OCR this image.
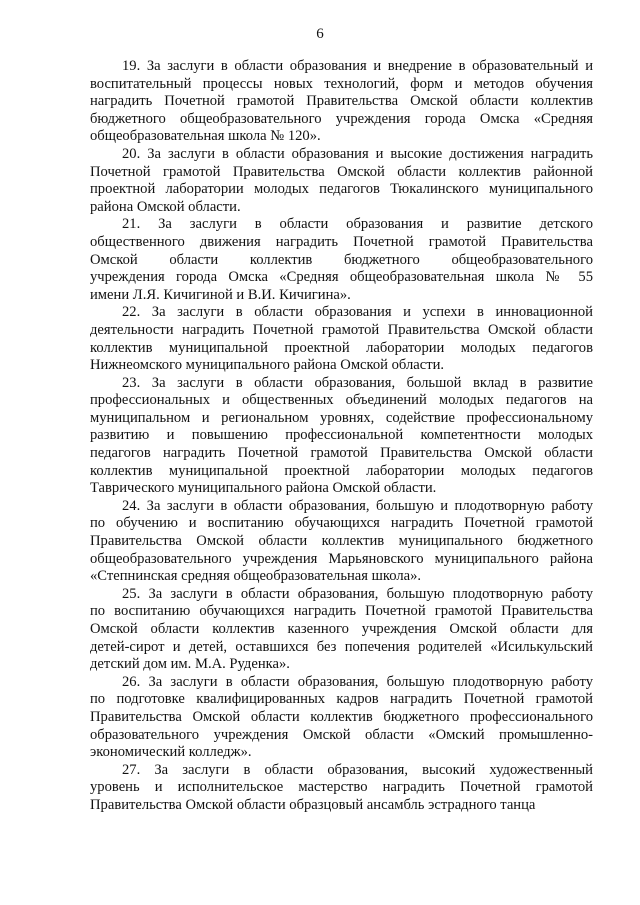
6
19. За заслуги в области образования и внедрение в образовательный и
воспитательный процессы новых технологий, форм и методов обучения
наградить Почетной грамотой Правительства Омской области коллектив
бюджетного общеобразовательного учреждения города Омска «Средняя
общеобразовательная школа № 120».
20. За заслуги в области образования и высокие достижения наградить
Почетной грамотой Правительства Омской области коллектив районной
проектной лаборатории молодых педагогов Тюкалинского муниципального
района Омской области.
21. За заслуги в области образования и развитие детского
общественного движения наградить Почетной грамотой Правительства
Омской области коллектив бюджетного общеобразовательного
учреждения города Омска «Средняя общеобразовательная школа № 55
имени Л.Я. Кичигиной и В.И. Кичигина».
22. За заслуги в области образования и успехи в инновационной
деятельности наградить Почетной грамотой Правительства Омской области
коллектив муниципальной проектной лаборатории молодых педагогов
Нижнеомского муниципального района Омской области.
23. За заслуги в области образования, большой вклад в развитие
профессиональных и общественных объединений молодых педагогов на
муниципальном и региональном уровнях, содействие профессиональному
развитию и повышению профессиональной компетентности молодых
педагогов наградить Почетной грамотой Правительства Омской области
коллектив муниципальной проектной лаборатории молодых педагогов
Таврического муниципального района Омской области.
24. За заслуги в области образования, большую и плодотворную работу
по обучению и воспитанию обучающихся наградить Почетной грамотой
Правительства Омской области коллектив муниципального бюджетного
общеобразовательного учреждения Марьяновского муниципального района
«Степнинская средняя общеобразовательная школа».
25. За заслуги в области образования, большую плодотворную работу
по воспитанию обучающихся наградить Почетной грамотой Правительства
Омской области коллектив казенного учреждения Омской области для
детей-сирот и детей, оставшихся без попечения родителей «Исилькульский
детский дом им. М.А. Руденка».
26. За заслуги в области образования, большую плодотворную работу
по подготовке квалифицированных кадров наградить Почетной грамотой
Правительства Омской области коллектив бюджетного профессионального
образовательного учреждения Омской области «Омский промышленно-
экономический колледж».
27. За заслуги в области образования, высокий художественный
уровень и исполнительское мастерство наградить Почетной грамотой
Правительства Омской области образцовый ансамбль эстрадного танца
